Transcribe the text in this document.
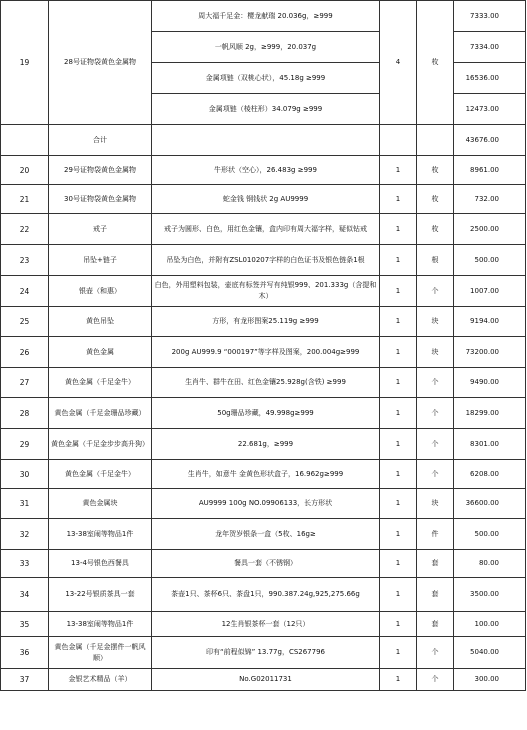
19	28号证物袋黄色金属物	周大福千足金：樱龙献瑞 20.036g，≥999	4	枚	7333.00
		一帆风顺 2g，≥999，20.037g			7334.00
		金属项链（双桃心状），45.18g ≥999			16536.00
		金属项链（棱柱形）34.079g ≥999			12473.00
	合计				43676.00
20	29号证物袋黄色金属物	牛形状（空心），26.483g ≥999	1	枚	8961.00
21	30号证物袋黄色金属物	蛇金钱 钢钱状 2g AU9999	1	枚	732.00
22	戒子	戒子为圆形、白色，用红色金镶，盒内印有周大福字样，疑似钻戒	1	枚	2500.00
23	吊坠+链子	吊坠为白色，并附有ZSL010207字样的白色证书及银色链条1根	1	根	500.00
24	银壶（和惠）	白色，外用塑料包装，壶底有标签并写有纯银999、201.333g（含提和木）	1	个	1007.00
25	黄色吊坠	方形，有龙形图案25.119g ≥999	1	块	9194.00
26	黄色金属	200g AU999.9 “000197”等字样及图案，200.004g≥999	1	块	73200.00
27	黄色金属（千足金牛）	生肖牛、群牛在田、红色金镶25.928g(含铁) ≥999	1	个	9490.00
28	黄色金属（千足金珊品珍藏）	50g珊品珍藏，49.998g≥999	1	个	18299.00
29	黄色金属（千足金步步高升狗）	22.681g，≥999	1	个	8301.00
30	黄色金属（千足金牛）	生肖牛，如意牛 金黄色形状盒子，16.962g≥999	1	个	6208.00
31	黄色金属块	AU9999 100g NO.09906133，长方形状	1	块	36600.00
32	13-38室闹等物品1件	龙年贺岁银条一盒（5枚、16g≥	1	件	500.00
33	13-4号银色西餐具	餐具一套（不锈钢）	1	套	80.00
34	13-22号银质茶具一套	茶壶1只、茶杯6只、茶盘1只，990.387.24g,925,275.66g	1	套	3500.00
35	13-38室闹等物品1件	12生肖银茶杯一套（12只）	1	套	100.00
36	黄色金属（千足金摆件一帆风顺）	印有“前程似锦” 13.77g，CS267796	1	个	5040.00
37	金银艺术精品（羊）	No.G02011731	1	个	300.00
